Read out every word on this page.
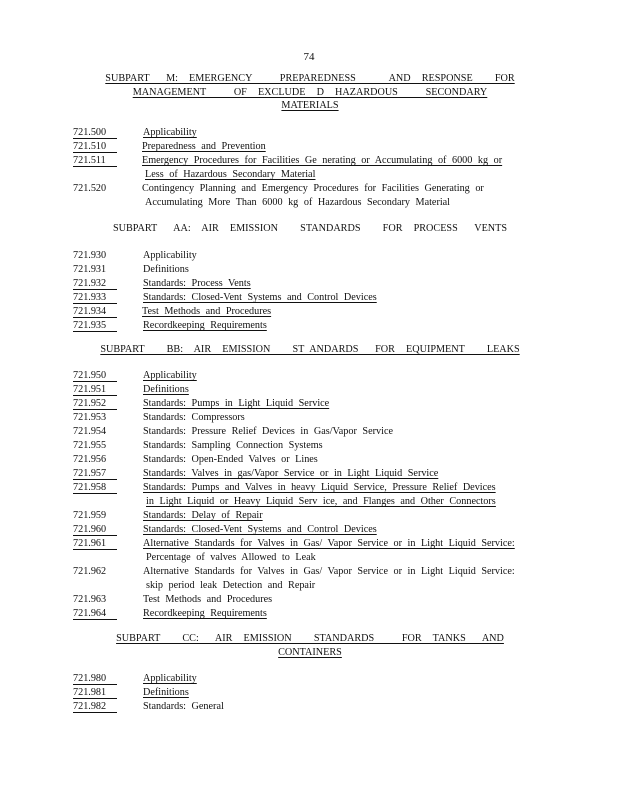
74
SUBPART   M:  EMERGENCY     PREPAREDNESS      AND  RESPONSE    FOR
MANAGEMENT     OF  EXCLUDE  D  HAZARDOUS     SECONDARY
MATERIALS
721.500	Applicability
721.510	Preparedness and Prevention
721.511	Emergency Procedures for Facilities Ge nerating or Accumulating of 6000 kg or
Less of Hazardous Secondary Material
721.520	Contingency Planning and Emergency Procedures for Facilities Generating or
Accumulating More Than 6000 kg of Hazardous Secondary Material
SUBPART   AA:  AIR  EMISSION    STANDARDS    FOR  PROCESS   VENTS
721.930	Applicability
721.931	Definitions
721.932	Standards: Process Vents
721.933	Standards: Closed-Vent Systems and Control Devices
721.934	Test Methods and Procedures
721.935	Recordkeeping Requirements
SUBPART    BB:  AIR  EMISSION    ST ANDARDS   FOR  EQUIPMENT    LEAKS
721.950	Applicability
721.951	Definitions
721.952	Standards: Pumps in Light Liquid Service
721.953	Standards: Compressors
721.954	Standards: Pressure Relief Devices in Gas/Vapor Service
721.955	Standards: Sampling Connection Systems
721.956	Standards: Open-Ended Valves or Lines
721.957	Standards: Valves in gas/Vapor Service or in Light Liquid Service
721.958	Standards: Pumps and Valves in heavy Liquid Service, Pressure Relief Devices
in Light Liquid or Heavy Liquid Serv ice, and Flanges and Other Connectors
721.959	Standards: Delay of Repair
721.960	Standards: Closed-Vent Systems and Control Devices
721.961	Alternative Standards for Valves in Gas/ Vapor Service or in Light Liquid Service:
Percentage of valves Allowed to Leak
721.962	Alternative Standards for Valves in Gas/ Vapor Service or in Light Liquid Service:
skip period leak Detection and Repair
721.963	Test Methods and Procedures
721.964	Recordkeeping Requirements
SUBPART    CC:   AIR  EMISSION    STANDARDS     FOR  TANKS   AND
CONTAINERS
721.980	Applicability
721.981	Definitions
721.982	Standards: General
